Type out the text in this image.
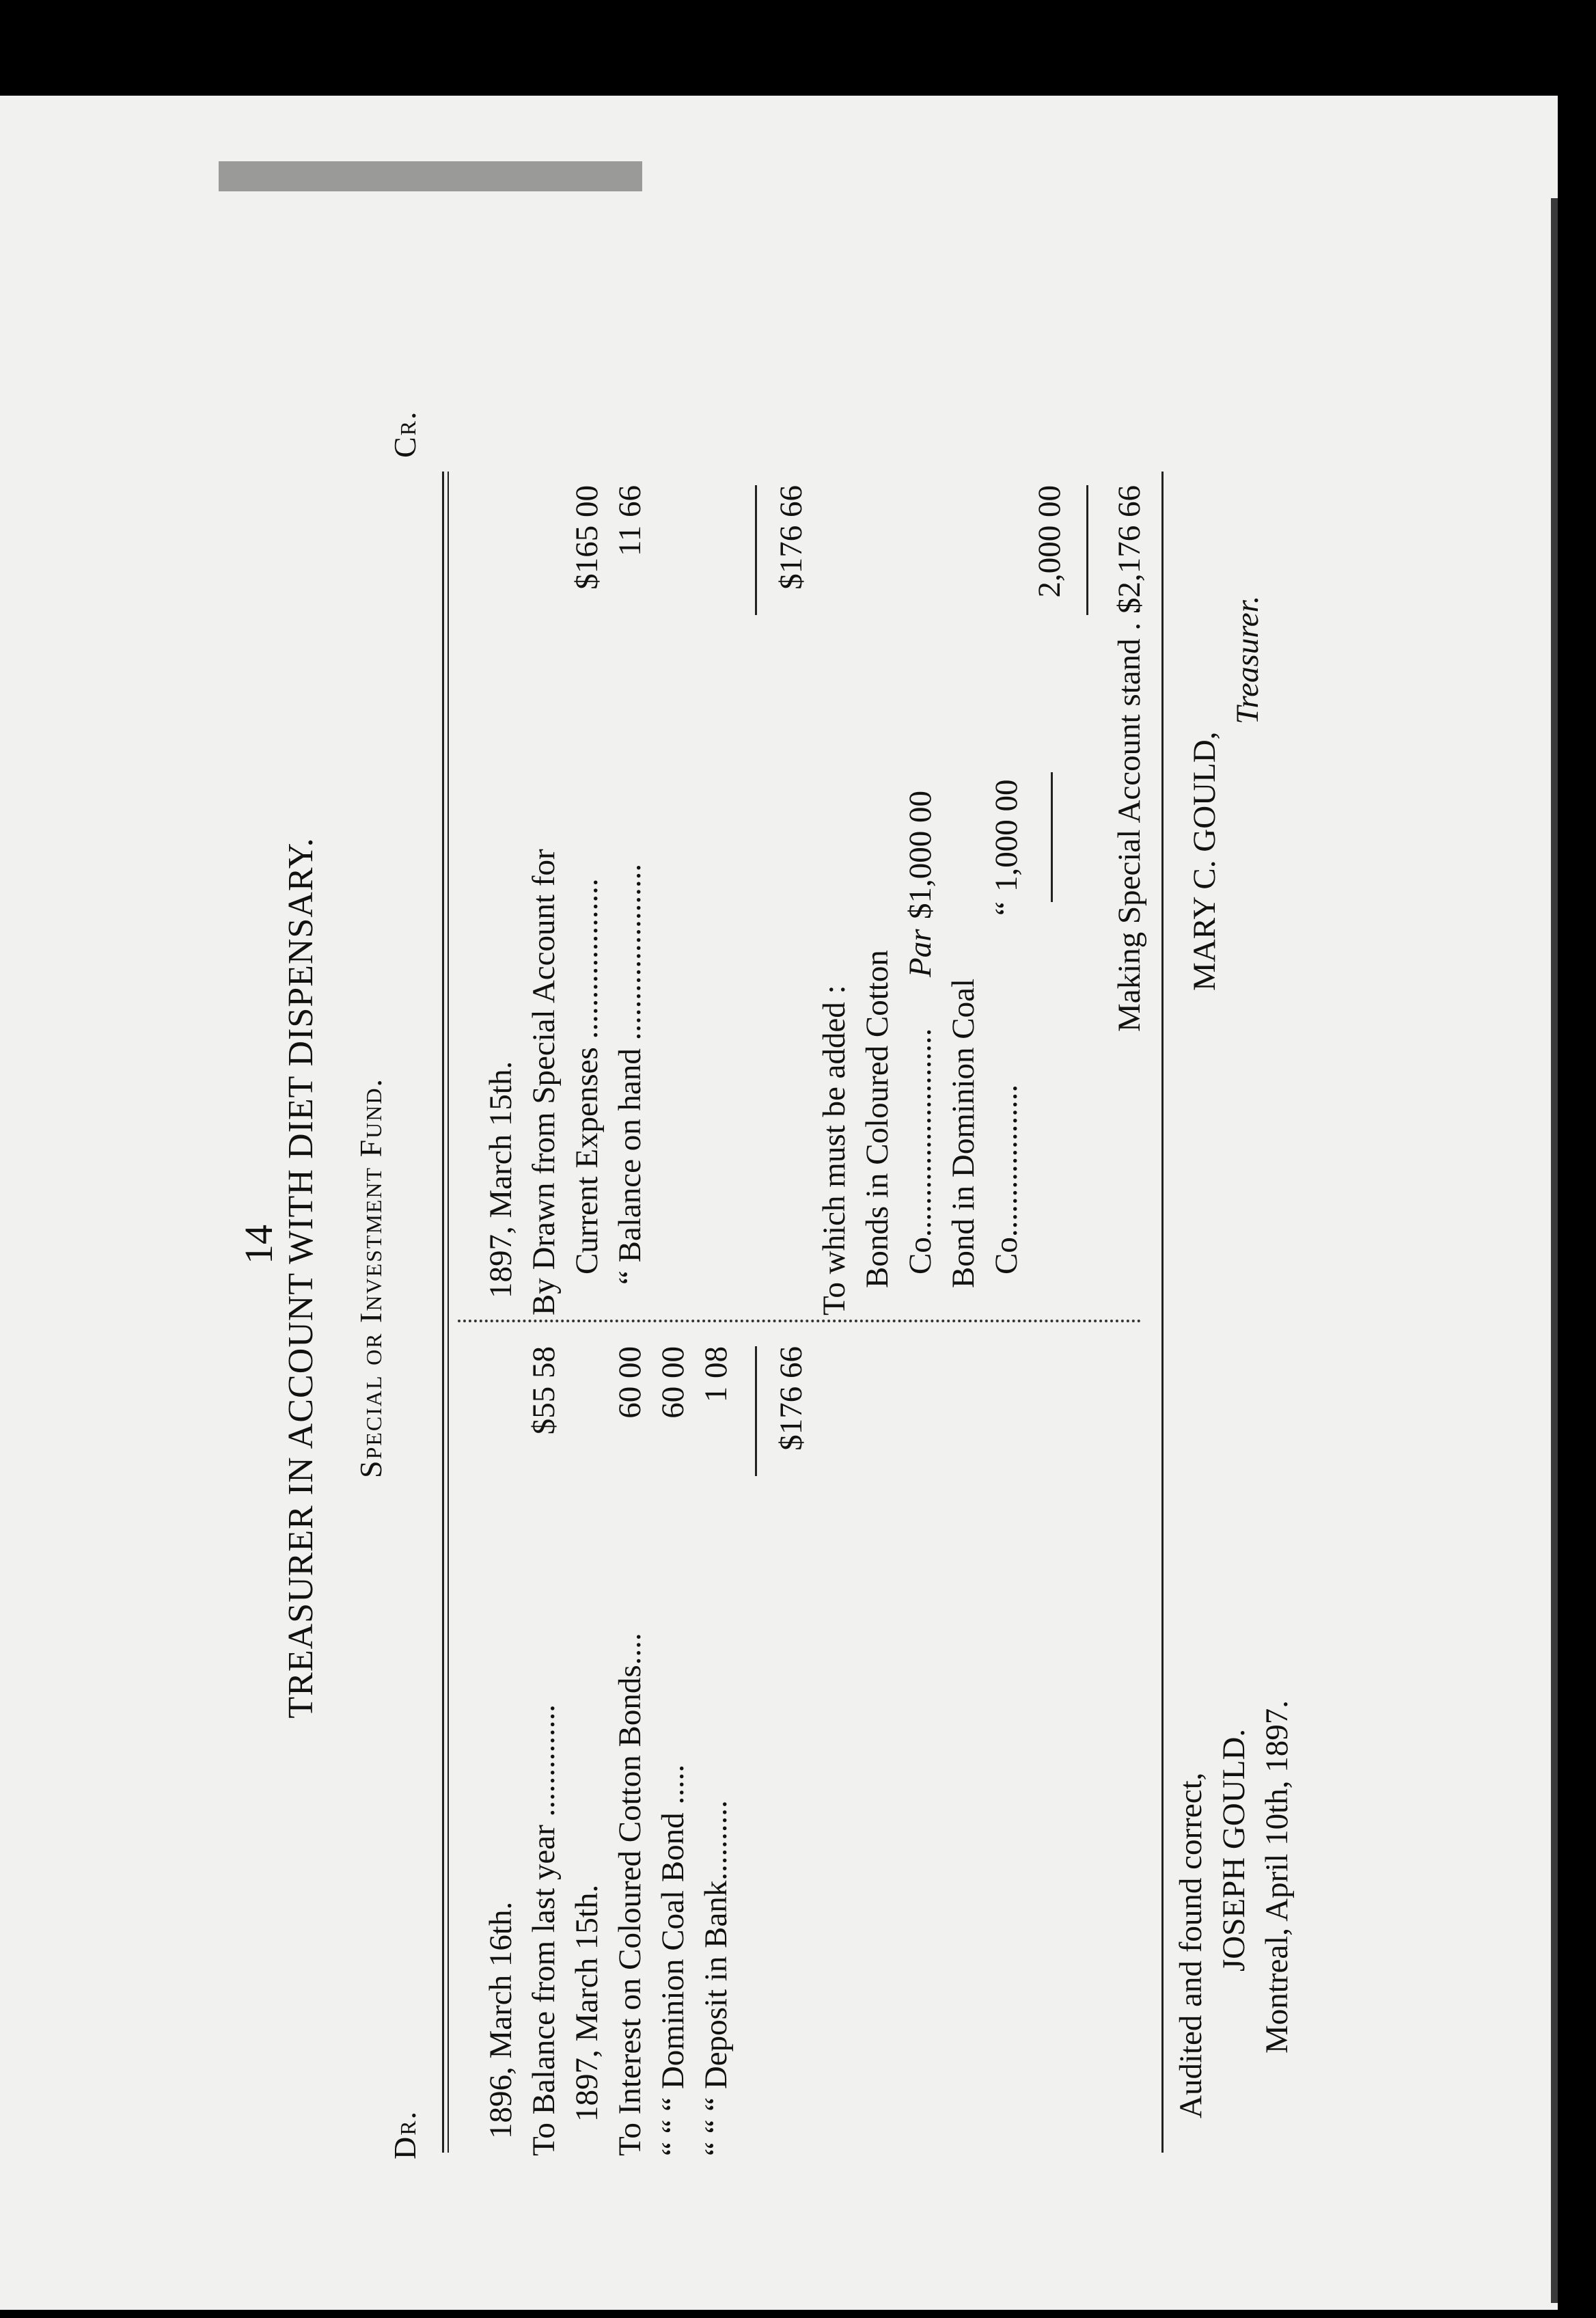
14 TREASURER IN ACCOUNT WITH DIET DISPENSARY. Special or Investment Fund.
Dr.
Cr.
1896, March 16th. To Balance from last year ..............
$55 58
1897, March 15th. To Interest on Coloured Cotton Bonds....
60 00
“ “ “ Dominion Coal Bond .....
60 00
“ “ “ Deposit in Bank..........
1 08 $176 66
1897, March 15th. By Drawn from Special Account for Current Expenses ....................
$165 00
“ Balance on hand ......................
11 66	$176 66
To which must be added : Bonds in Coloured Cotton Co..........................
Par
$1,000 00
Bond in Dominion Coal Co...................
“
1,000 00
2,000 00
Making Special Account stand . .
$2,176 66
Audited and found correct, JOSEPH GOULD. Montreal, April 10th, 1897.
MARY C. GOULD,
Treasurer.
